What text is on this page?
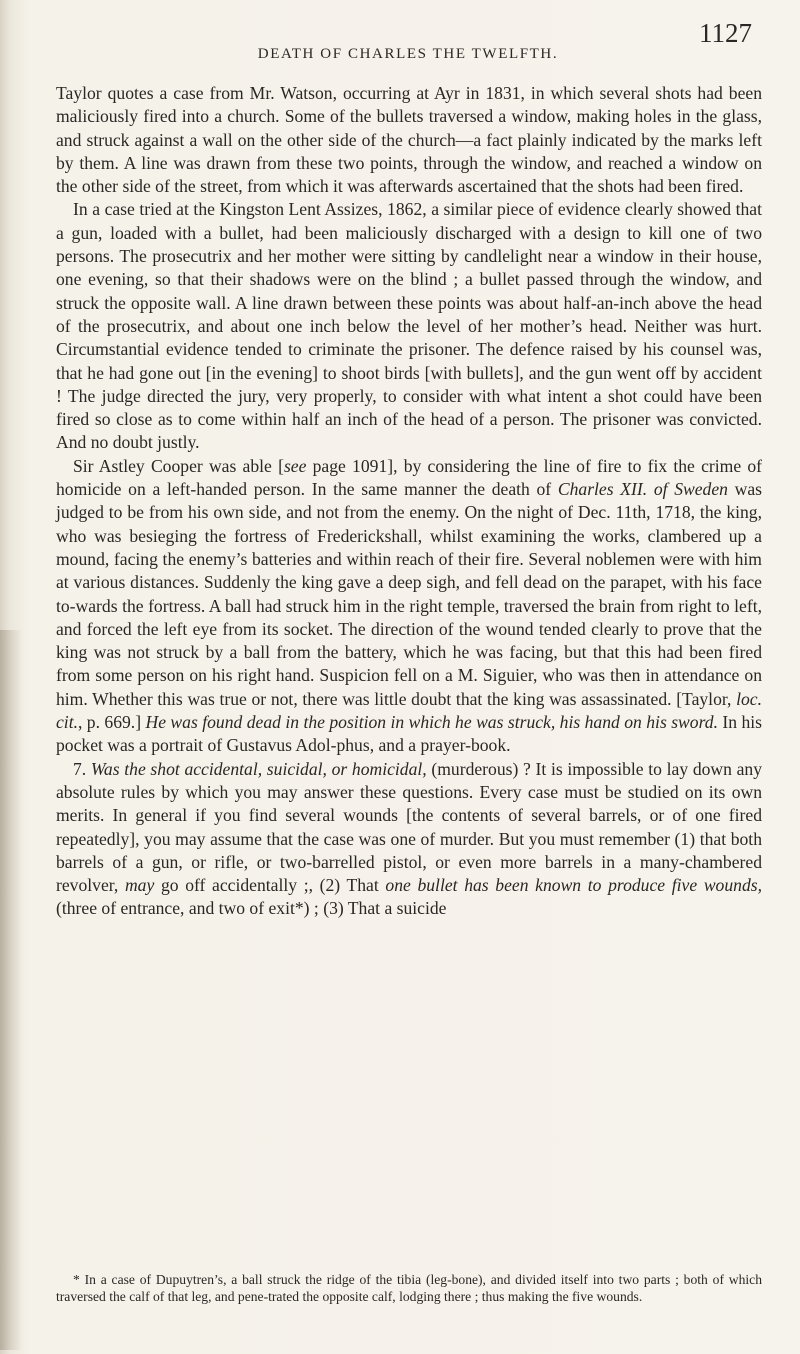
DEATH OF CHARLES THE TWELFTH.
1127

Taylor quotes a case from Mr. Watson, occurring at Ayr in 1831, in which several shots had been maliciously fired into a church. Some of the bullets traversed a window, making holes in the glass, and struck against a wall on the other side of the church—a fact plainly indicated by the marks left by them. A line was drawn from these two points, through the window, and reached a window on the other side of the street, from which it was afterwards ascertained that the shots had been fired.

In a case tried at the Kingston Lent Assizes, 1862, a similar piece of evidence clearly showed that a gun, loaded with a bullet, had been maliciously discharged with a design to kill one of two persons. The prosecutrix and her mother were sitting by candlelight near a window in their house, one evening, so that their shadows were on the blind ; a bullet passed through the window, and struck the opposite wall. A line drawn between these points was about half-an-inch above the head of the prosecutrix, and about one inch below the level of her mother’s head. Neither was hurt. Circumstantial evidence tended to criminate the prisoner. The defence raised by his counsel was, that he had gone out [in the evening] to shoot birds [with bullets], and the gun went off by accident ! The judge directed the jury, very properly, to consider with what intent a shot could have been fired so close as to come within half an inch of the head of a person. The prisoner was convicted. And no doubt justly.

Sir Astley Cooper was able [see page 1091], by considering the line of fire to fix the crime of homicide on a left-handed person. In the same manner the death of Charles XII. of Sweden was judged to be from his own side, and not from the enemy. On the night of Dec. 11th, 1718, the king, who was besieging the fortress of Frederickshall, whilst examining the works, clambered up a mound, facing the enemy’s batteries and within reach of their fire. Several noblemen were with him at various distances. Suddenly the king gave a deep sigh, and fell dead on the parapet, with his face to-wards the fortress. A ball had struck him in the right temple, traversed the brain from right to left, and forced the left eye from its socket. The direction of the wound tended clearly to prove that the king was not struck by a ball from the battery, which he was facing, but that this had been fired from some person on his right hand. Suspicion fell on a M. Siguier, who was then in attendance on him. Whether this was true or not, there was little doubt that the king was assassinated. [Taylor, loc. cit., p. 669.] He was found dead in the position in which he was struck, his hand on his sword. In his pocket was a portrait of Gustavus Adol-phus, and a prayer-book.

7. Was the shot accidental, suicidal, or homicidal, (murderous) ? It is impossible to lay down any absolute rules by which you may answer these questions. Every case must be studied on its own merits. In general if you find several wounds [the contents of several barrels, or of one fired repeatedly], you may assume that the case was one of murder. But you must remember (1) that both barrels of a gun, or rifle, or two-barrelled pistol, or even more barrels in a many-chambered revolver, may go off accidentally ;, (2) That one bullet has been known to produce five wounds, (three of entrance, and two of exit*) ; (3) That a suicide

* In a case of Dupuytren’s, a ball struck the ridge of the tibia (leg-bone), and divided itself into two parts ; both of which traversed the calf of that leg, and pene-trated the opposite calf, lodging there ; thus making the five wounds.
